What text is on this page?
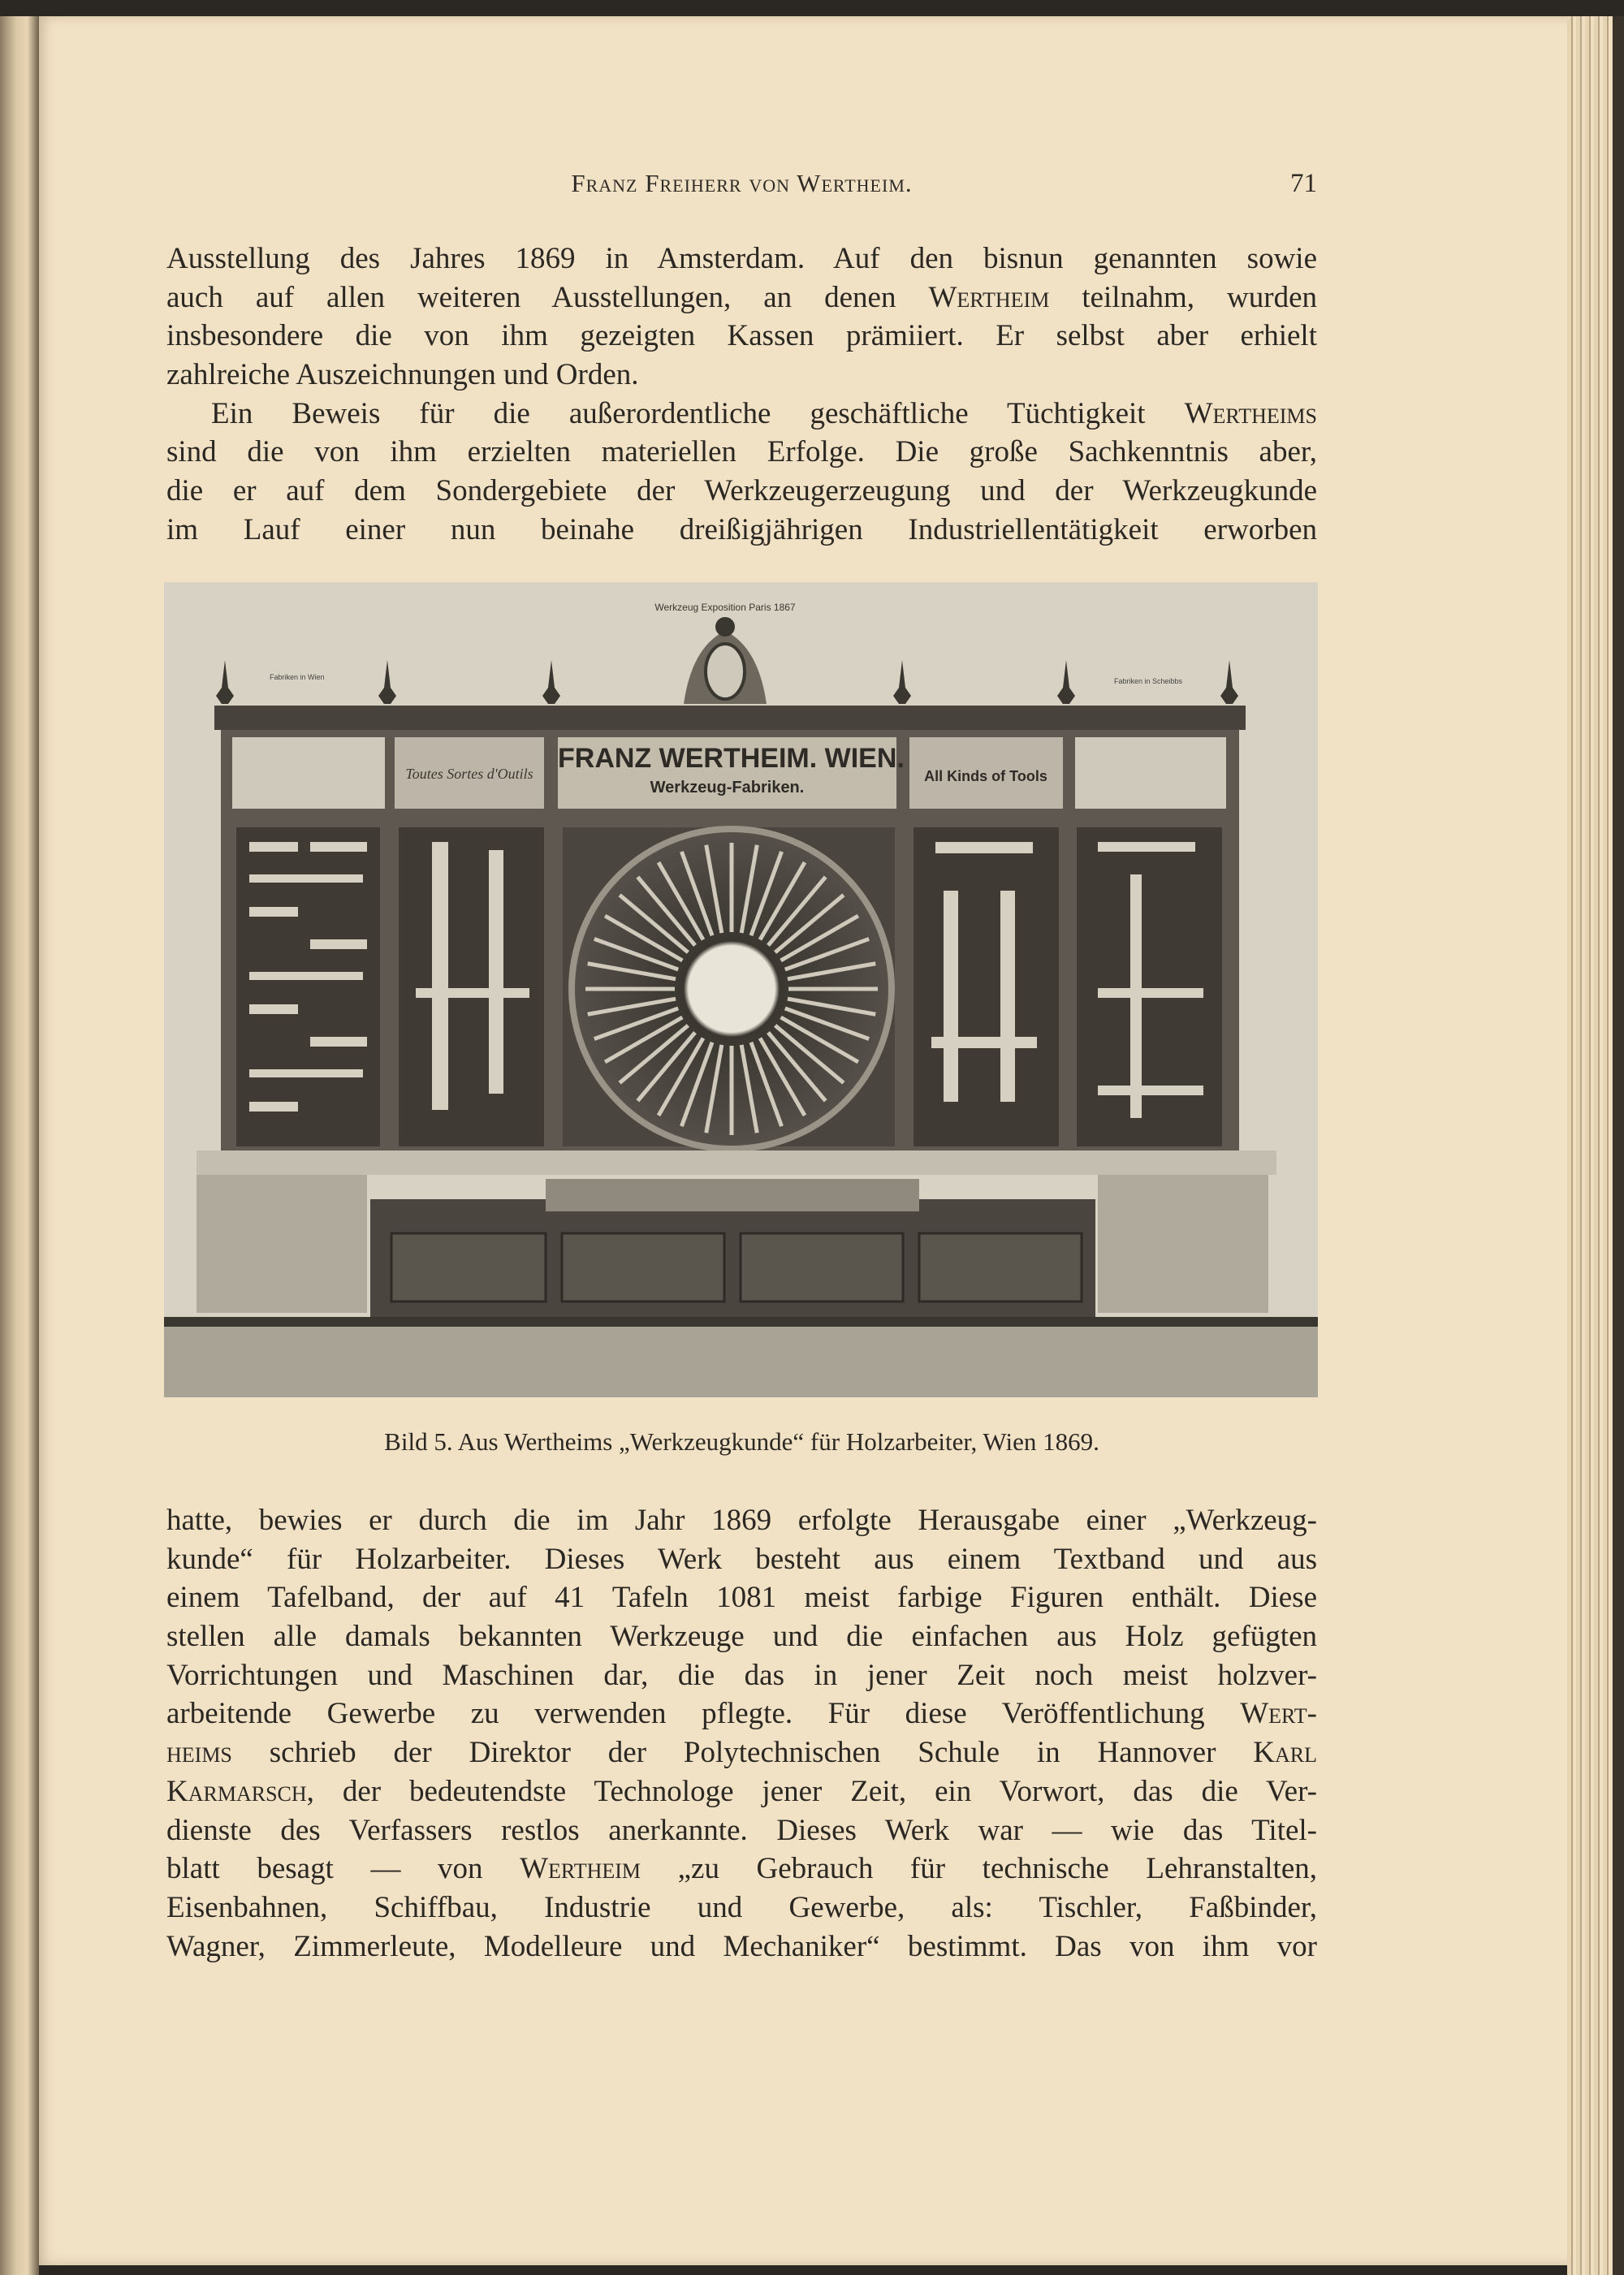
Franz Freiherr von Wertheim.	71
Ausstellung des Jahres 1869 in Amsterdam. Auf den bisnun genannten sowie
auch auf allen weiteren Ausstellungen, an denen Wertheim teilnahm, wurden
insbesondere die von ihm gezeigten Kassen prämiiert. Er selbst aber erhielt
zahlreiche Auszeichnungen und Orden.
Ein Beweis für die außerordentliche geschäftliche Tüchtigkeit Wertheims
sind die von ihm erzielten materiellen Erfolge. Die große Sachkenntnis aber,
die er auf dem Sondergebiete der Werkzeugerzeugung und der Werkzeugkunde
im Lauf einer nun beinahe dreißigjährigen Industriellentätigkeit erworben
Werkzeug Exposition Paris 1867
Fabriken in Wien	Fabriken in Scheibbs
Toutes Sortes d'Outils	All Kinds of Tools
FRANZ WERTHEIM. WIEN.
Werkzeug-Fabriken.
Bild 5. Aus Wertheims „Werkzeugkunde“ für Holzarbeiter, Wien 1869.
hatte, bewies er durch die im Jahr 1869 erfolgte Herausgabe einer „Werkzeug-
kunde“ für Holzarbeiter. Dieses Werk besteht aus einem Textband und aus
einem Tafelband, der auf 41 Tafeln 1081 meist farbige Figuren enthält. Diese
stellen alle damals bekannten Werkzeuge und die einfachen aus Holz gefügten
Vorrichtungen und Maschinen dar, die das in jener Zeit noch meist holzver-
arbeitende Gewerbe zu verwenden pflegte. Für diese Veröffentlichung Wert-
heims schrieb der Direktor der Polytechnischen Schule in Hannover Karl
Karmarsch, der bedeutendste Technologe jener Zeit, ein Vorwort, das die Ver-
dienste des Verfassers restlos anerkannte. Dieses Werk war — wie das Titel-
blatt besagt — von Wertheim „zu Gebrauch für technische Lehranstalten,
Eisenbahnen, Schiffbau, Industrie und Gewerbe, als: Tischler, Faßbinder,
Wagner, Zimmerleute, Modelleure und Mechaniker“ bestimmt. Das von ihm vor
